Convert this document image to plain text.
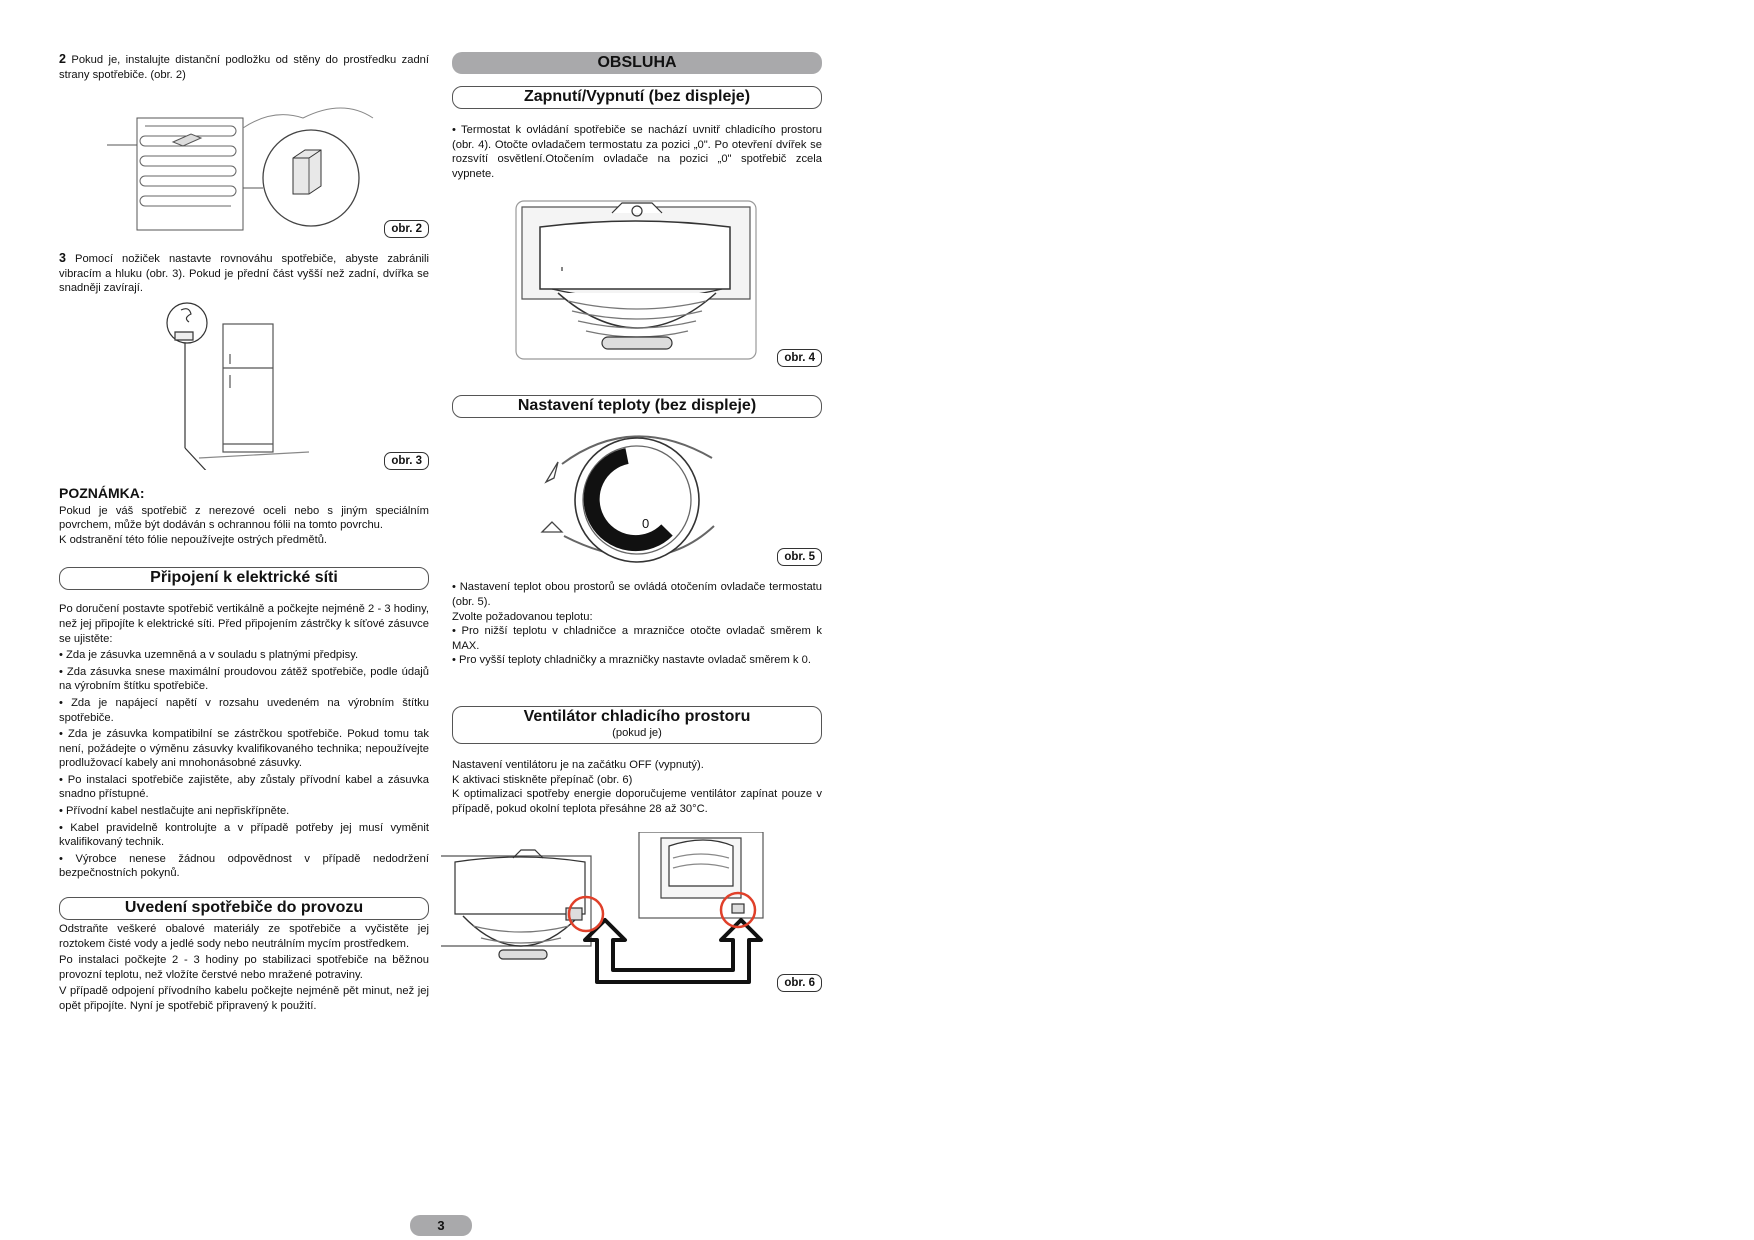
2 Pokud je, instalujte distanční podložku od stěny do prostředku zadní strany spotřebiče. (obr. 2)

obr. 2

3 Pomocí nožiček nastavte rovnováhu spotřebiče, abyste zabránili vibracím a hluku (obr. 3). Pokud je přední část vyšší než zadní, dvířka se snadněji zavírají.

obr. 3
POZNÁMKA:

Pokud je váš spotřebič z nerezové oceli nebo s jiným speciálním povrchem, může být dodáván s ochrannou fólii na tomto povrchu.

K odstranění této fólie nepoužívejte ostrých předmětů.

Připojení k elektrické síti

Po doručení postavte spotřebič vertikálně a počkejte nejméně 2 - 3 hodiny, než jej připojíte k elektrické síti. Před připojením zástrčky k síťové zásuvce se ujistěte:

• Zda je zásuvka uzemněná a v souladu s platnými předpisy.

• Zda zásuvka snese maximální proudovou zátěž spotřebiče, podle údajů na výrobním štítku spotřebiče.

• Zda je napájecí napětí v rozsahu uvedeném na výrobním štítku spotřebiče.

• Zda je zásuvka kompatibilní se zástrčkou spotřebiče. Pokud tomu tak není, požádejte o výměnu zásuvky kvalifikovaného technika; nepoužívejte prodlužovací kabely ani mnohonásobné zásuvky.

• Po instalaci spotřebiče zajistěte, aby zůstaly přívodní kabel a zásuvka snadno přístupné.

• Přívodní kabel nestlačujte ani nepřiskřípněte.

• Kabel pravidelně kontrolujte a v případě potřeby jej musí vyměnit kvalifikovaný technik.

• Výrobce nenese žádnou odpovědnost v případě nedodržení bezpečnostních pokynů.

Uvedení spotřebiče do provozu

Odstraňte veškeré obalové materiály ze spotřebiče a vyčistěte jej roztokem čisté vody a jedlé sody nebo neutrálním mycím prostředkem.

Po instalaci počkejte 2 - 3 hodiny po stabilizaci spotřebiče na běžnou provozní teplotu, než vložíte čerstvé nebo mražené potraviny.

V případě odpojení přívodního kabelu počkejte nejméně pět minut, než jej opět připojíte. Nyní je spotřebič připravený k použití.

OBSLUHA
Zapnutí/Vypnutí (bez displeje)

• Termostat k ovládání spotřebiče se nachází uvnitř chladicího prostoru (obr. 4). Otočte ovladačem termostatu za pozici „0". Po otevření dvířek se rozsvítí osvětlení.Otočením ovladače na pozici „0" spotřebič zcela vypnete.

obr. 4
Nastavení teploty (bez displeje)
MAX 0
obr. 5

• Nastavení teplot obou prostorů se ovládá otočením ovladače termostatu (obr. 5).

Zvolte požadovanou teplotu:

• Pro nižší teplotu v chladničce a mrazničce otočte ovladač směrem k MAX.

• Pro vyšší teploty chladničky a mrazničky nastavte ovladač směrem k 0.

Ventilátor chladicího prostoru
(pokud je)

Nastavení ventilátoru je na začátku OFF (vypnutý).

K aktivaci stiskněte přepínač (obr. 6)

K optimalizaci spotřeby energie doporučujeme ventilátor zapínat pouze v případě, pokud okolní teplota přesáhne 28 až 30°C.

obr. 6
3
